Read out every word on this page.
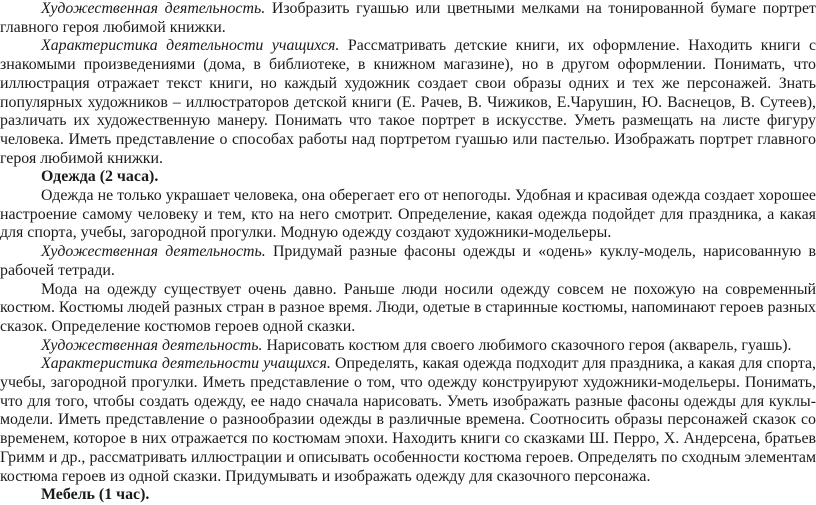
Художественная деятельность. Изобразить гуашью или цветными мелками на тонированной бумаге портрет главного героя любимой книжки.

Характеристика деятельности учащихся. Рассматривать детские книги, их оформление. Находить книги с знакомыми произведениями (дома, в библиотеке, в книжном магазине), но в другом оформлении. Понимать, что иллюстрация отражает текст книги, но каждый художник создает свои образы одних и тех же персонажей. Знать популярных художников – иллюстраторов детской книги (Е. Рачев, В. Чижиков, Е.Чарушин, Ю. Васнецов, В. Сутеев), различать их художественную манеру. Понимать что такое портрет в искусстве. Уметь размещать на листе фигуру человека. Иметь представление о способах работы над портретом гуашью или пастелью. Изображать портрет главного героя любимой книжки.

Одежда (2 часа).

Одежда не только украшает человека, она оберегает его от непогоды. Удобная и красивая одежда создает хорошее настроение самому человеку и тем, кто на него смотрит. Определение, какая одежда подойдет для праздника, а какая для спорта, учебы, загородной прогулки. Модную одежду создают художники-модельеры.

Художественная деятельность. Придумай разные фасоны одежды и «одень» куклу-модель, нарисованную в рабочей тетради.

Мода на одежду существует очень давно. Раньше люди носили одежду совсем не похожую на современный костюм. Костюмы людей разных стран в разное время. Люди, одетые в старинные костюмы, напоминают героев разных сказок. Определение костюмов героев одной сказки.

Художественная деятельность. Нарисовать костюм для своего любимого сказочного героя (акварель, гуашь).

Характеристика деятельности учащихся. Определять, какая одежда подходит для праздника, а какая для спорта, учебы, загородной прогулки. Иметь представление о том, что одежду конструируют художники-модельеры. Понимать, что для того, чтобы создать одежду, ее надо сначала нарисовать. Уметь изображать разные фасоны одежды для куклы-модели. Иметь представление о разнообразии одежды в различные времена. Соотносить образы персонажей сказок со временем, которое в них отражается по костюмам эпохи. Находить книги со сказками Ш. Перро, Х. Андерсена, братьев Гримм и др., рассматривать иллюстрации и описывать особенности костюма героев. Определять по сходным элементам костюма героев из одной сказки. Придумывать и изображать одежду для сказочного персонажа.

Мебель (1 час).
